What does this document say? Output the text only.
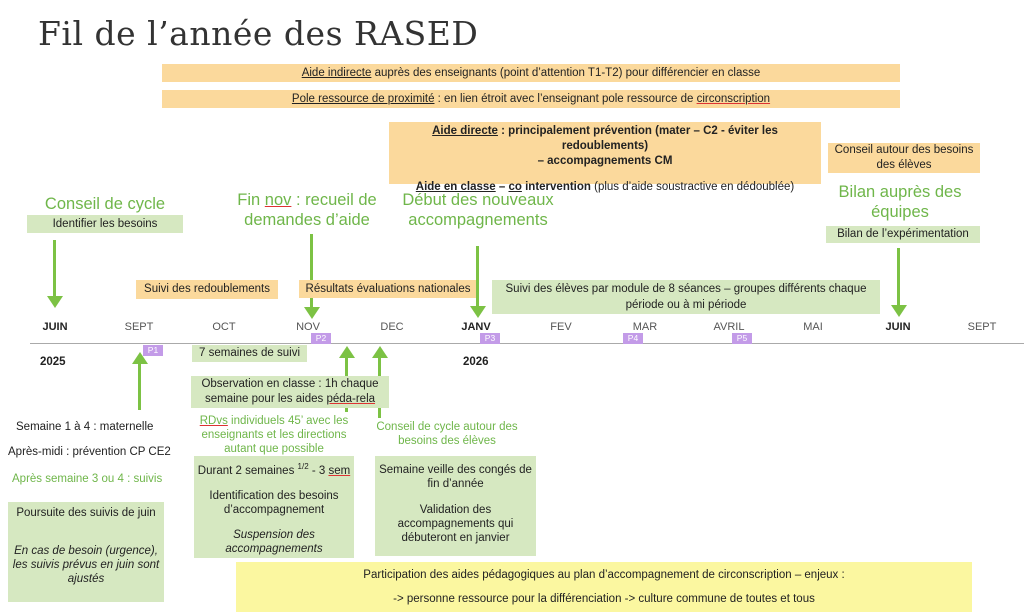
Fil de l’année des RASED
Aide indirecte auprès des enseignants (point d’attention T1-T2) pour différencier en classe
Pole ressource de proximité : en lien étroit avec l’enseignant pole ressource de circonscription
Aide directe : principalement prévention (mater – C2 - éviter les redoublements)
– accompagnements CM
Aide en classe – co intervention (plus d’aide soustractive en dédoublée)
Conseil autour des besoins
des élèves
Bilan auprès des
équipes
Bilan de l’expérimentation
Conseil de cycle
Identifier les besoins
Fin nov : recueil de
demandes d’aide
Début des nouveaux
accompagnements
Suivi des redoublements	Résultats évaluations nationales	Suivi des élèves par module de 8 séances – groupes différents chaque
période ou à mi période
JUIN	SEPT	OCT	NOV	DEC	JANV	FEV	MAR	AVRIL	MAI	JUIN	SEPT
P1
P2	P3	P4	P5
2025	2026
7 semaines de suivi
Observation en classe : 1h chaque
semaine pour les aides péda-rela
RDvs individuels 45’ avec les
enseignants et les directions
autant que possible
Conseil de cycle autour des
besoins des élèves
Semaine 1 à 4 : maternelle
Après-midi : prévention CP CE2
Après semaine 3 ou 4 : suivis
Poursuite des suivis de juin
En cas de besoin (urgence),
les suivis prévus en juin sont
ajustés
Durant 2 semaines $^{1/2}$ - 3 sem
Identification des besoins
d’accompagnement
Suspension des
accompagnements
Semaine veille des congés de
fin d’année
Validation des
accompagnements qui
débuteront en janvier
Participation des aides pédagogiques au plan d’accompagnement de circonscription – enjeux :
-> personne ressource pour la différenciation -> culture commune de toutes et tous
